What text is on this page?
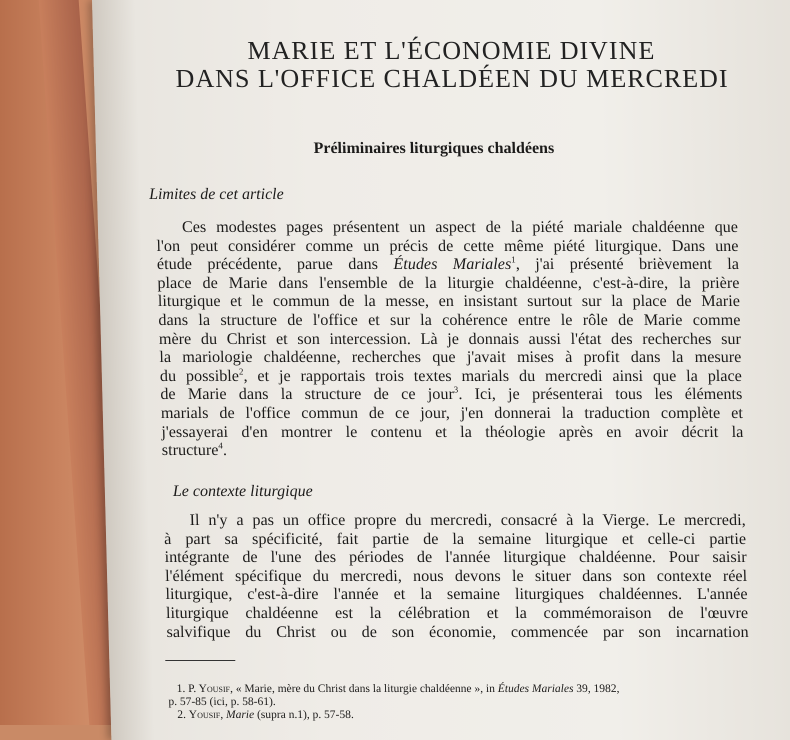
MARIE ET L'ÉCONOMIE DIVINE
DANS L'OFFICE CHALDÉEN DU MERCREDI
Préliminaires liturgiques chaldéens
Limites de cet article
Ces modestes pages présentent un aspect de la piété mariale chaldéenne que
l'on peut considérer comme un précis de cette même piété liturgique. Dans une
étude précédente, parue dans Études Mariales$^1$, j'ai présenté brièvement la
place de Marie dans l'ensemble de la liturgie chaldéenne, c'est-à-dire, la prière
liturgique et le commun de la messe, en insistant surtout sur la place de Marie
dans la structure de l'office et sur la cohérence entre le rôle de Marie comme
mère du Christ et son intercession. Là je donnais aussi l'état des recherches sur
la mariologie chaldéenne, recherches que j'avait mises à profit dans la mesure
du possible$^2$, et je rapportais trois textes marials du mercredi ainsi que la place
de Marie dans la structure de ce jour$^3$. Ici, je présenterai tous les éléments
marials de l'office commun de ce jour, j'en donnerai la traduction complète et
j'essayerai d'en montrer le contenu et la théologie après en avoir décrit la
structure$^4$.
Le contexte liturgique
Il n'y a pas un office propre du mercredi, consacré à la Vierge. Le mercredi,
à part sa spécificité, fait partie de la semaine liturgique et celle-ci partie
intégrante de l'une des périodes de l'année liturgique chaldéenne. Pour saisir
l'élément spécifique du mercredi, nous devons le situer dans son contexte réel
liturgique, c'est-à-dire l'année et la semaine liturgiques chaldéennes. L'année
liturgique chaldéenne est la célébration et la commémoraison de l'œuvre
salvifique du Christ ou de son économie, commencée par son incarnation
1. P. Yousif, « Marie, mère du Christ dans la liturgie chaldéenne », in Études Mariales 39, 1982,
p. 57-85 (ici, p. 58-61).
2. Yousif, Marie (supra n.1), p. 57-58.
